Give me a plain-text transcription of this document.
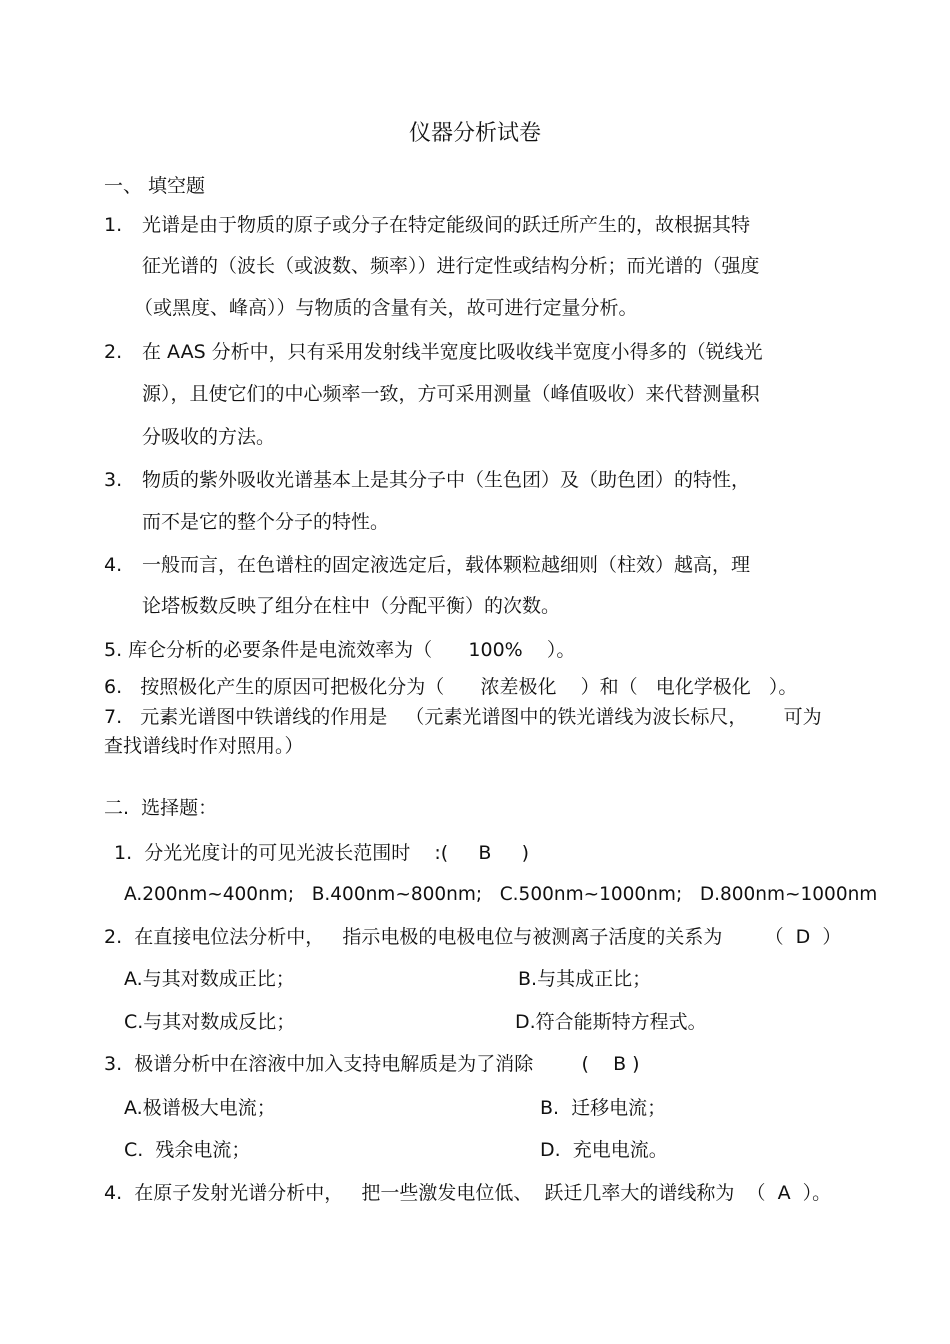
仪器分析试卷
一、 填空题
1. 光谱是由于物质的原子或分子在特定能级间的跃迁所产生的，故根据其特
征光谱的（波长（或波数、频率））进行定性或结构分析；而光谱的（强度
（或黑度、峰高））与物质的含量有关，故可进行定量分析。
2. 在 AAS 分析中，只有采用发射线半宽度比吸收线半宽度小得多的（锐线光
源），且使它们的中心频率一致，方可采用测量（峰值吸收）来代替测量积
分吸收的方法。
3. 物质的紫外吸收光谱基本上是其分子中（生色团）及（助色团）的特性，
而不是它的整个分子的特性。
4. 一般而言，在色谱柱的固定液选定后，载体颗粒越细则（柱效）越高，理
论塔板数反映了组分在柱中（分配平衡）的次数。
5. 库仑分析的必要条件是电流效率为（      100%    ）。
6.   按照极化产生的原因可把极化分为（      浓差极化    ）和（   电化学极化   ）。
7.   元素光谱图中铁谱线的作用是   （元素光谱图中的铁光谱线为波长标尺，      可为
查找谱线时作对照用。）
二.  选择题：
1.  分光光度计的可见光波长范围时    :(     B     )
A.200nm~400nm;   B.400nm~800nm;   C.500nm~1000nm;   D.800nm~1000nm
2.  在直接电位法分析中，   指示电极的电极电位与被测离子活度的关系为       （  D  ）
A.与其对数成正比；	B.与其成正比；
C.与其对数成反比；	D.符合能斯特方程式。
3.  极谱分析中在溶液中加入支持电解质是为了消除        (    B )
A.极谱极大电流；	B.  迁移电流；
C.  残余电流；	D.  充电电流。
4.  在原子发射光谱分析中，   把一些激发电位低、  跃迁几率大的谱线称为  （  A  ）。
